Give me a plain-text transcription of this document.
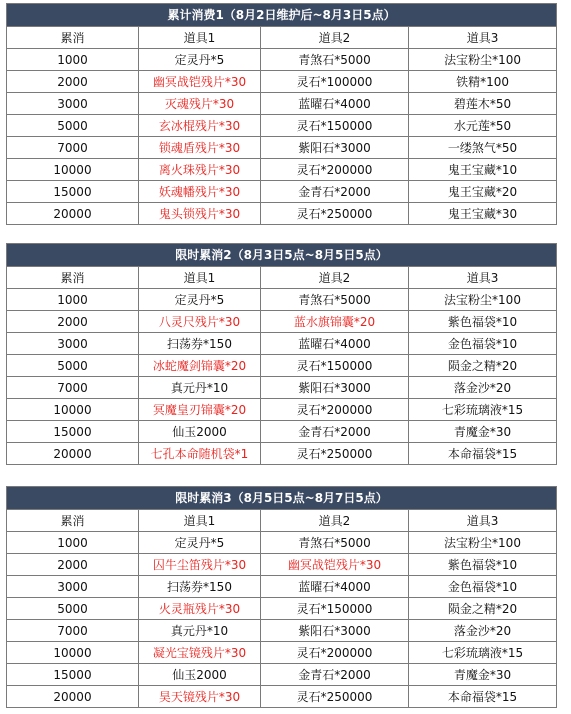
累计消费1（8月2日维护后~8月3日5点）			
累消	道具1	道具2	道具3
1000	定灵丹*5	青煞石*5000	法宝粉尘*100
2000	幽冥战铠残片*30	灵石*100000	铁精*100
3000	灭魂残片*30	蓝曜石*4000	碧莲木*50
5000	玄冰棍残片*30	灵石*150000	水元莲*50
7000	锁魂盾残片*30	紫阳石*3000	一缕煞气*50
10000	离火珠残片*30	灵石*200000	鬼王宝藏*10
15000	妖魂幡残片*30	金青石*2000	鬼王宝藏*20
20000	鬼头锁残片*30	灵石*250000	鬼王宝藏*30
限时累消2（8月3日5点~8月5日5点）			
累消	道具1	道具2	道具3
1000	定灵丹*5	青煞石*5000	法宝粉尘*100
2000	八灵尺残片*30	蓝水旗锦囊*20	紫色福袋*10
3000	扫荡券*150	蓝曜石*4000	金色福袋*10
5000	冰蛇魔剑锦囊*20	灵石*150000	陨金之精*20
7000	真元丹*10	紫阳石*3000	落金沙*20
10000	冥魔皇刃锦囊*20	灵石*200000	七彩琉璃液*15
15000	仙玉2000	金青石*2000	青魔金*30
20000	七孔本命随机袋*1	灵石*250000	本命福袋*15
限时累消3（8月5日5点~8月7日5点）			
累消	道具1	道具2	道具3
1000	定灵丹*5	青煞石*5000	法宝粉尘*100
2000	囚牛尘笛残片*30	幽冥战铠残片*30	紫色福袋*10
3000	扫荡券*150	蓝曜石*4000	金色福袋*10
5000	火灵瓶残片*30	灵石*150000	陨金之精*20
7000	真元丹*10	紫阳石*3000	落金沙*20
10000	凝光宝镜残片*30	灵石*200000	七彩琉璃液*15
15000	仙玉2000	金青石*2000	青魔金*30
20000	昊天镜残片*30	灵石*250000	本命福袋*15
